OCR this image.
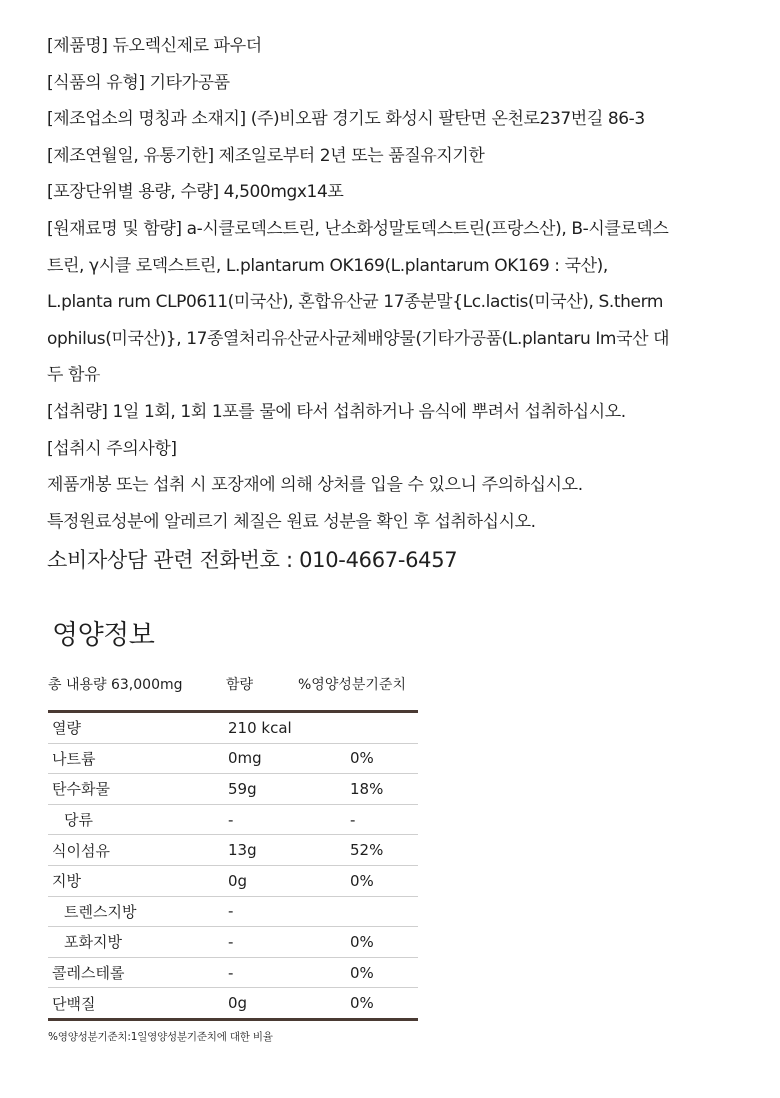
[제품명] 듀오렉신제로 파우더
[식품의 유형] 기타가공품
[제조업소의 명칭과 소재지] (주)비오팜 경기도 화성시 팔탄면 온천로237번길 86-3
[제조연월일, 유통기한] 제조일로부터 2년 또는 품질유지기한
[포장단위별 용량, 수량] 4,500mgx14포
[원재료명 및 함량] a-시클로덱스트린, 난소화성말토덱스트린(프랑스산), B-시클로덱스
트린, γ시클 로덱스트린, L.plantarum OK169(L.plantarum OK169 : 국산),
L.planta rum CLP0611(미국산), 혼합유산균 17종분말{Lc.lactis(미국산), S.therm
ophilus(미국산)}, 17종열처리유산균사균체배양물(기타가공품(L.plantaru Im국산 대
두 함유
[섭취량] 1일 1회, 1회 1포를 물에 타서 섭취하거나 음식에 뿌려서 섭취하십시오.
[섭취시 주의사항]
제품개봉 또는 섭취 시 포장재에 의해 상처를 입을 수 있으니 주의하십시오.
특정원료성분에 알레르기 체질은 원료 성분을 확인 후 섭취하십시오.
소비자상담 관련 전화번호 : 010-4667-6457
영양정보
총 내용량 63,000mg	함량	%영양성분기준치
열량	210 kcal
나트륨	0mg	0%
탄수화물	59g	18%
당류	-	-
식이섬유	13g	52%
지방	0g	0%
트렌스지방	-
포화지방	-	0%
콜레스테롤	-	0%
단백질	0g	0%
%영양성분기준치:1일영양성분기준치에 대한 비율
